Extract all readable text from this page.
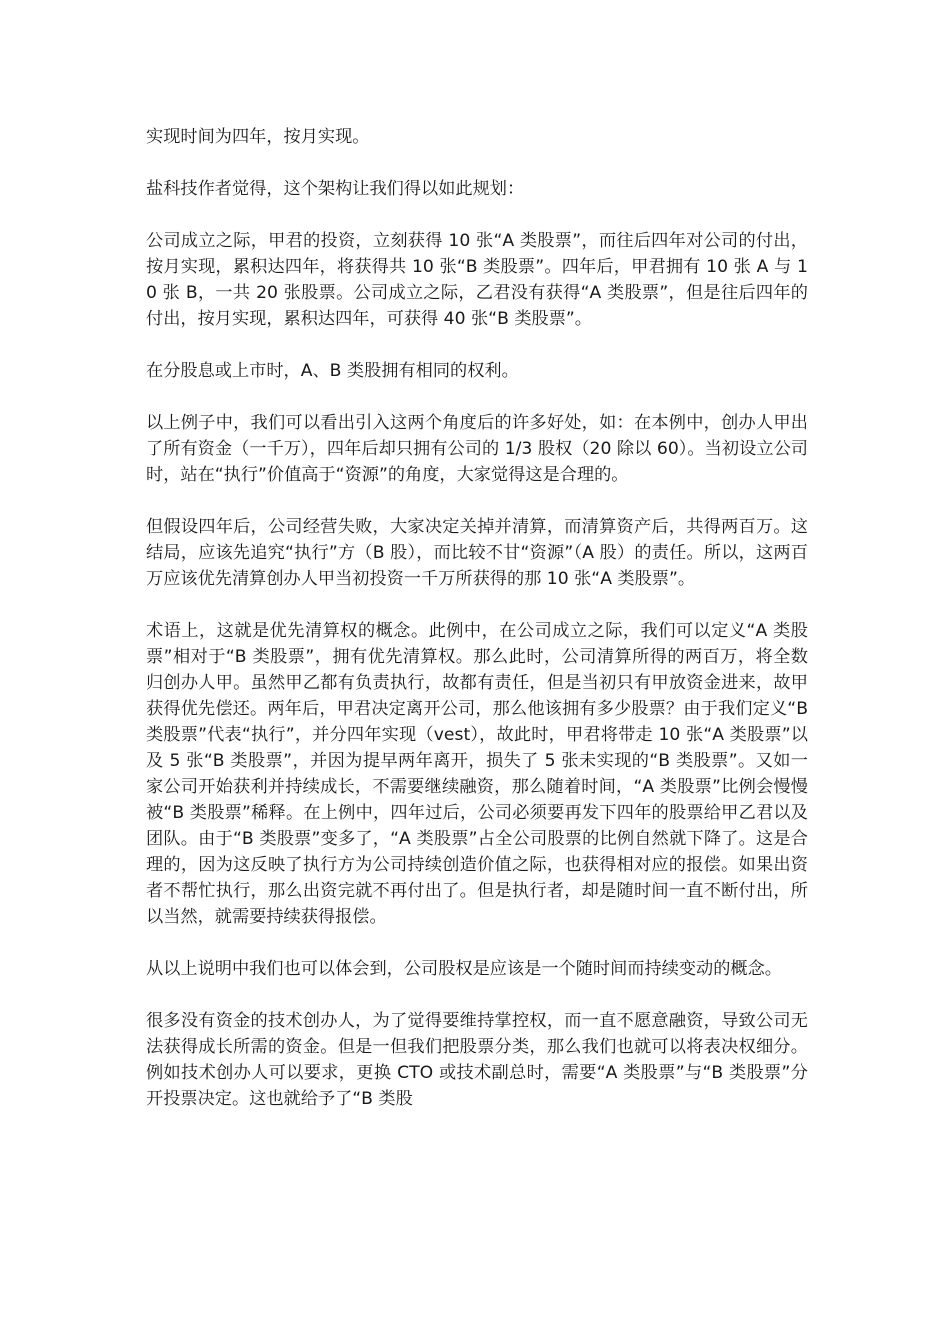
实现时间为四年，按月实现。

盐科技作者觉得，这个架构让我们得以如此规划：

公司成立之际，甲君的投资，立刻获得 10 张“A 类股票”，而往后四年对公司的付出，按月实现，累积达四年，将获得共 10 张“B 类股票”。四年后，甲君拥有 10 张 A 与 10 张 B，一共 20 张股票。公司成立之际，乙君没有获得“A 类股票”，但是往后四年的付出，按月实现，累积达四年，可获得 40 张“B 类股票”。

在分股息或上市时，A、B 类股拥有相同的权利。

以上例子中，我们可以看出引入这两个角度后的许多好处，如：在本例中，创办人甲出了所有资金（一千万），四年后却只拥有公司的 1/3 股权（20 除以 60）。当初设立公司时，站在“执行”价值高于“资源”的角度，大家觉得这是合理的。

但假设四年后，公司经营失败，大家决定关掉并清算，而清算资产后，共得两百万。这结局，应该先追究“执行”方（B 股），而比较不甘“资源”（A 股）的责任。所以，这两百万应该优先清算创办人甲当初投资一千万所获得的那 10 张“A 类股票”。

术语上，这就是优先清算权的概念。此例中，在公司成立之际，我们可以定义“A 类股票”相对于“B 类股票”，拥有优先清算权。那么此时，公司清算所得的两百万，将全数归创办人甲。虽然甲乙都有负责执行，故都有责任，但是当初只有甲放资金进来，故甲获得优先偿还。两年后，甲君决定离开公司，那么他该拥有多少股票？由于我们定义“B 类股票”代表“执行”，并分四年实现（vest），故此时，甲君将带走 10 张“A 类股票”以及 5 张“B 类股票”，并因为提早两年离开，损失了 5 张未实现的“B 类股票”。又如一家公司开始获利并持续成长，不需要继续融资，那么随着时间，“A 类股票”比例会慢慢被“B 类股票”稀释。在上例中，四年过后，公司必须要再发下四年的股票给甲乙君以及团队。由于“B 类股票”变多了，“A 类股票”占全公司股票的比例自然就下降了。这是合理的，因为这反映了执行方为公司持续创造价值之际，也获得相对应的报偿。如果出资者不帮忙执行，那么出资完就不再付出了。但是执行者，却是随时间一直不断付出，所以当然，就需要持续获得报偿。

从以上说明中我们也可以体会到，公司股权是应该是一个随时间而持续变动的概念。

很多没有资金的技术创办人，为了觉得要维持掌控权，而一直不愿意融资，导致公司无法获得成长所需的资金。但是一但我们把股票分类，那么我们也就可以将表决权细分。例如技术创办人可以要求，更换 CTO 或技术副总时，需要“A 类股票”与“B 类股票”分开投票决定。这也就给予了“B 类股
